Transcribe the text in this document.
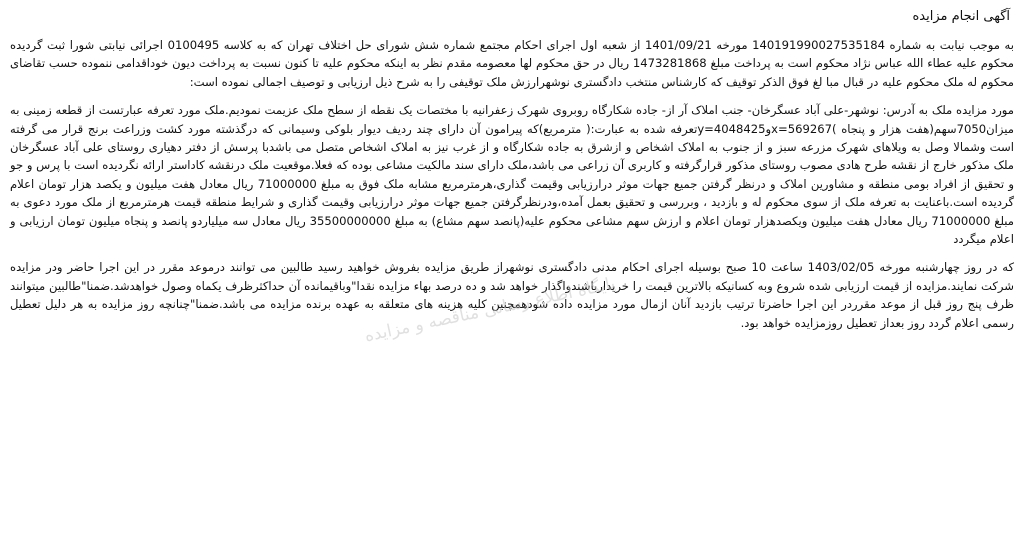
آگهی انجام مزایده
به موجب نیابت به شماره 140191990027535184 مورخه 1401/09/21 از شعبه اول اجرای احکام مجتمع شماره شش شورای حل اختلاف تهران که به کلاسه 0100495 اجرائی نیابتی شورا ثبت گردیده محکوم علیه عطاء الله عباس نژاد محکوم است به پرداخت مبلغ 1473281868 ریال در حق محکوم لها معصومه مقدم نظر به اینکه محکوم علیه تا کنون نسبت به پرداخت دیون خوداقدامی ننموده حسب تقاضای محکوم له ملک محکوم علیه در قبال مبا لغ فوق الذکر توقیف که کارشناس منتخب دادگستری نوشهرارزش ملک توقیفی را به شرح ذیل ارزیابی و توصیف اجمالی نموده است:
مورد مزایده ملک به آدرس: نوشهر-علی آباد عسگرخان- جنب املاک آر از- جاده شکارگاه روبروی شهرک زعفرانیه با مختصات یک نقطه از سطح ملک عزیمت نمودیم.ملک مورد تعرفه عبارتست از قطعه زمینی به میزان7050سهم(هفت هزار و پنجاه )x=569267وy=4048425تعرفه شده به عبارت:( مترمربع)که پیرامون آن دارای چند ردیف دیوار بلوکی وسیمانی که درگذشته مورد کشت وزراعت برنج قرار می گرفته است وشمالا وصل به ویلاهای شهرک مزرعه سبز و از جنوب به املاک اشخاص و ازشرق به جاده شکارگاه و از غرب نیز به املاک اشخاص متصل می باشدبا پرسش از دفتر دهیاری روستای علی آباد عسگرخان ملک مذکور خارج از نقشه طرح هادی مصوب روستای مذکور قرارگرفته و کاربری آن زراعی می باشد،ملک دارای سند مالکیت مشاعی بوده که فعلا.موقعیت ملک درنقشه کاداستر ارائه نگردیده است با پرس و جو و تحقیق از افراد بومی منطقه و مشاورین املاک و درنظر گرفتن جمیع جهات موثر درارزیابی وقیمت گذاری،هرمترمربع مشابه ملک فوق به مبلغ 71000000 ریال معادل هفت میلیون و یکصد هزار تومان اعلام گردیده است.باعنایت به تعرفه ملک از سوی محکوم له و بازدید ، وبررسی و تحقیق بعمل آمده،ودرنظرگرفتن جمیع جهات موثر درارزیابی وقیمت گذاری و شرایط منطقه قیمت هرمترمربع از ملک مورد دعوی به مبلغ 71000000 ریال معادل هفت میلیون ویکصدهزار تومان اعلام و ارزش سهم مشاعی محکوم علیه(پانصد سهم مشاع) به مبلغ 35500000000 ریال معادل سه میلیاردو پانصد و پنجاه میلیون تومان ارزیابی و اعلام میگردد
که در روز چهارشنبه مورخه 1403/02/05 ساعت 10 صبح بوسیله اجرای احکام مدنی دادگستری نوشهراز طریق مزایده بفروش خواهید رسید طالبین می توانند درموعد مقرر در این اجرا حاضر ودر مزایده شرکت نمایند.مزایده از قیمت ارزیابی شده شروع وبه کسانیکه بالاترین قیمت را خریدارباشندواگذار خواهد شد و ده درصد بهاء مزایده نقدا"وباقیمانده آن حداکثرظرف یکماه وصول خواهدشد.ضمنا"طالبین میتوانند ظرف پنج روز قبل از موعد مقرردر این اجرا حاضرتا ترتیب بازدید آنان ازمال مورد مزایده داده شودهمچنین کلیه هزینه های متعلقه به عهده برنده مزایده می باشد.ضمنا"چنانچه روز مزایده به هر دلیل تعطیل رسمی اعلام گردد روز بعداز تعطیل روزمزایده خواهد بود.
پایگاه اطلاع رسانی مناقصه و مزایده
